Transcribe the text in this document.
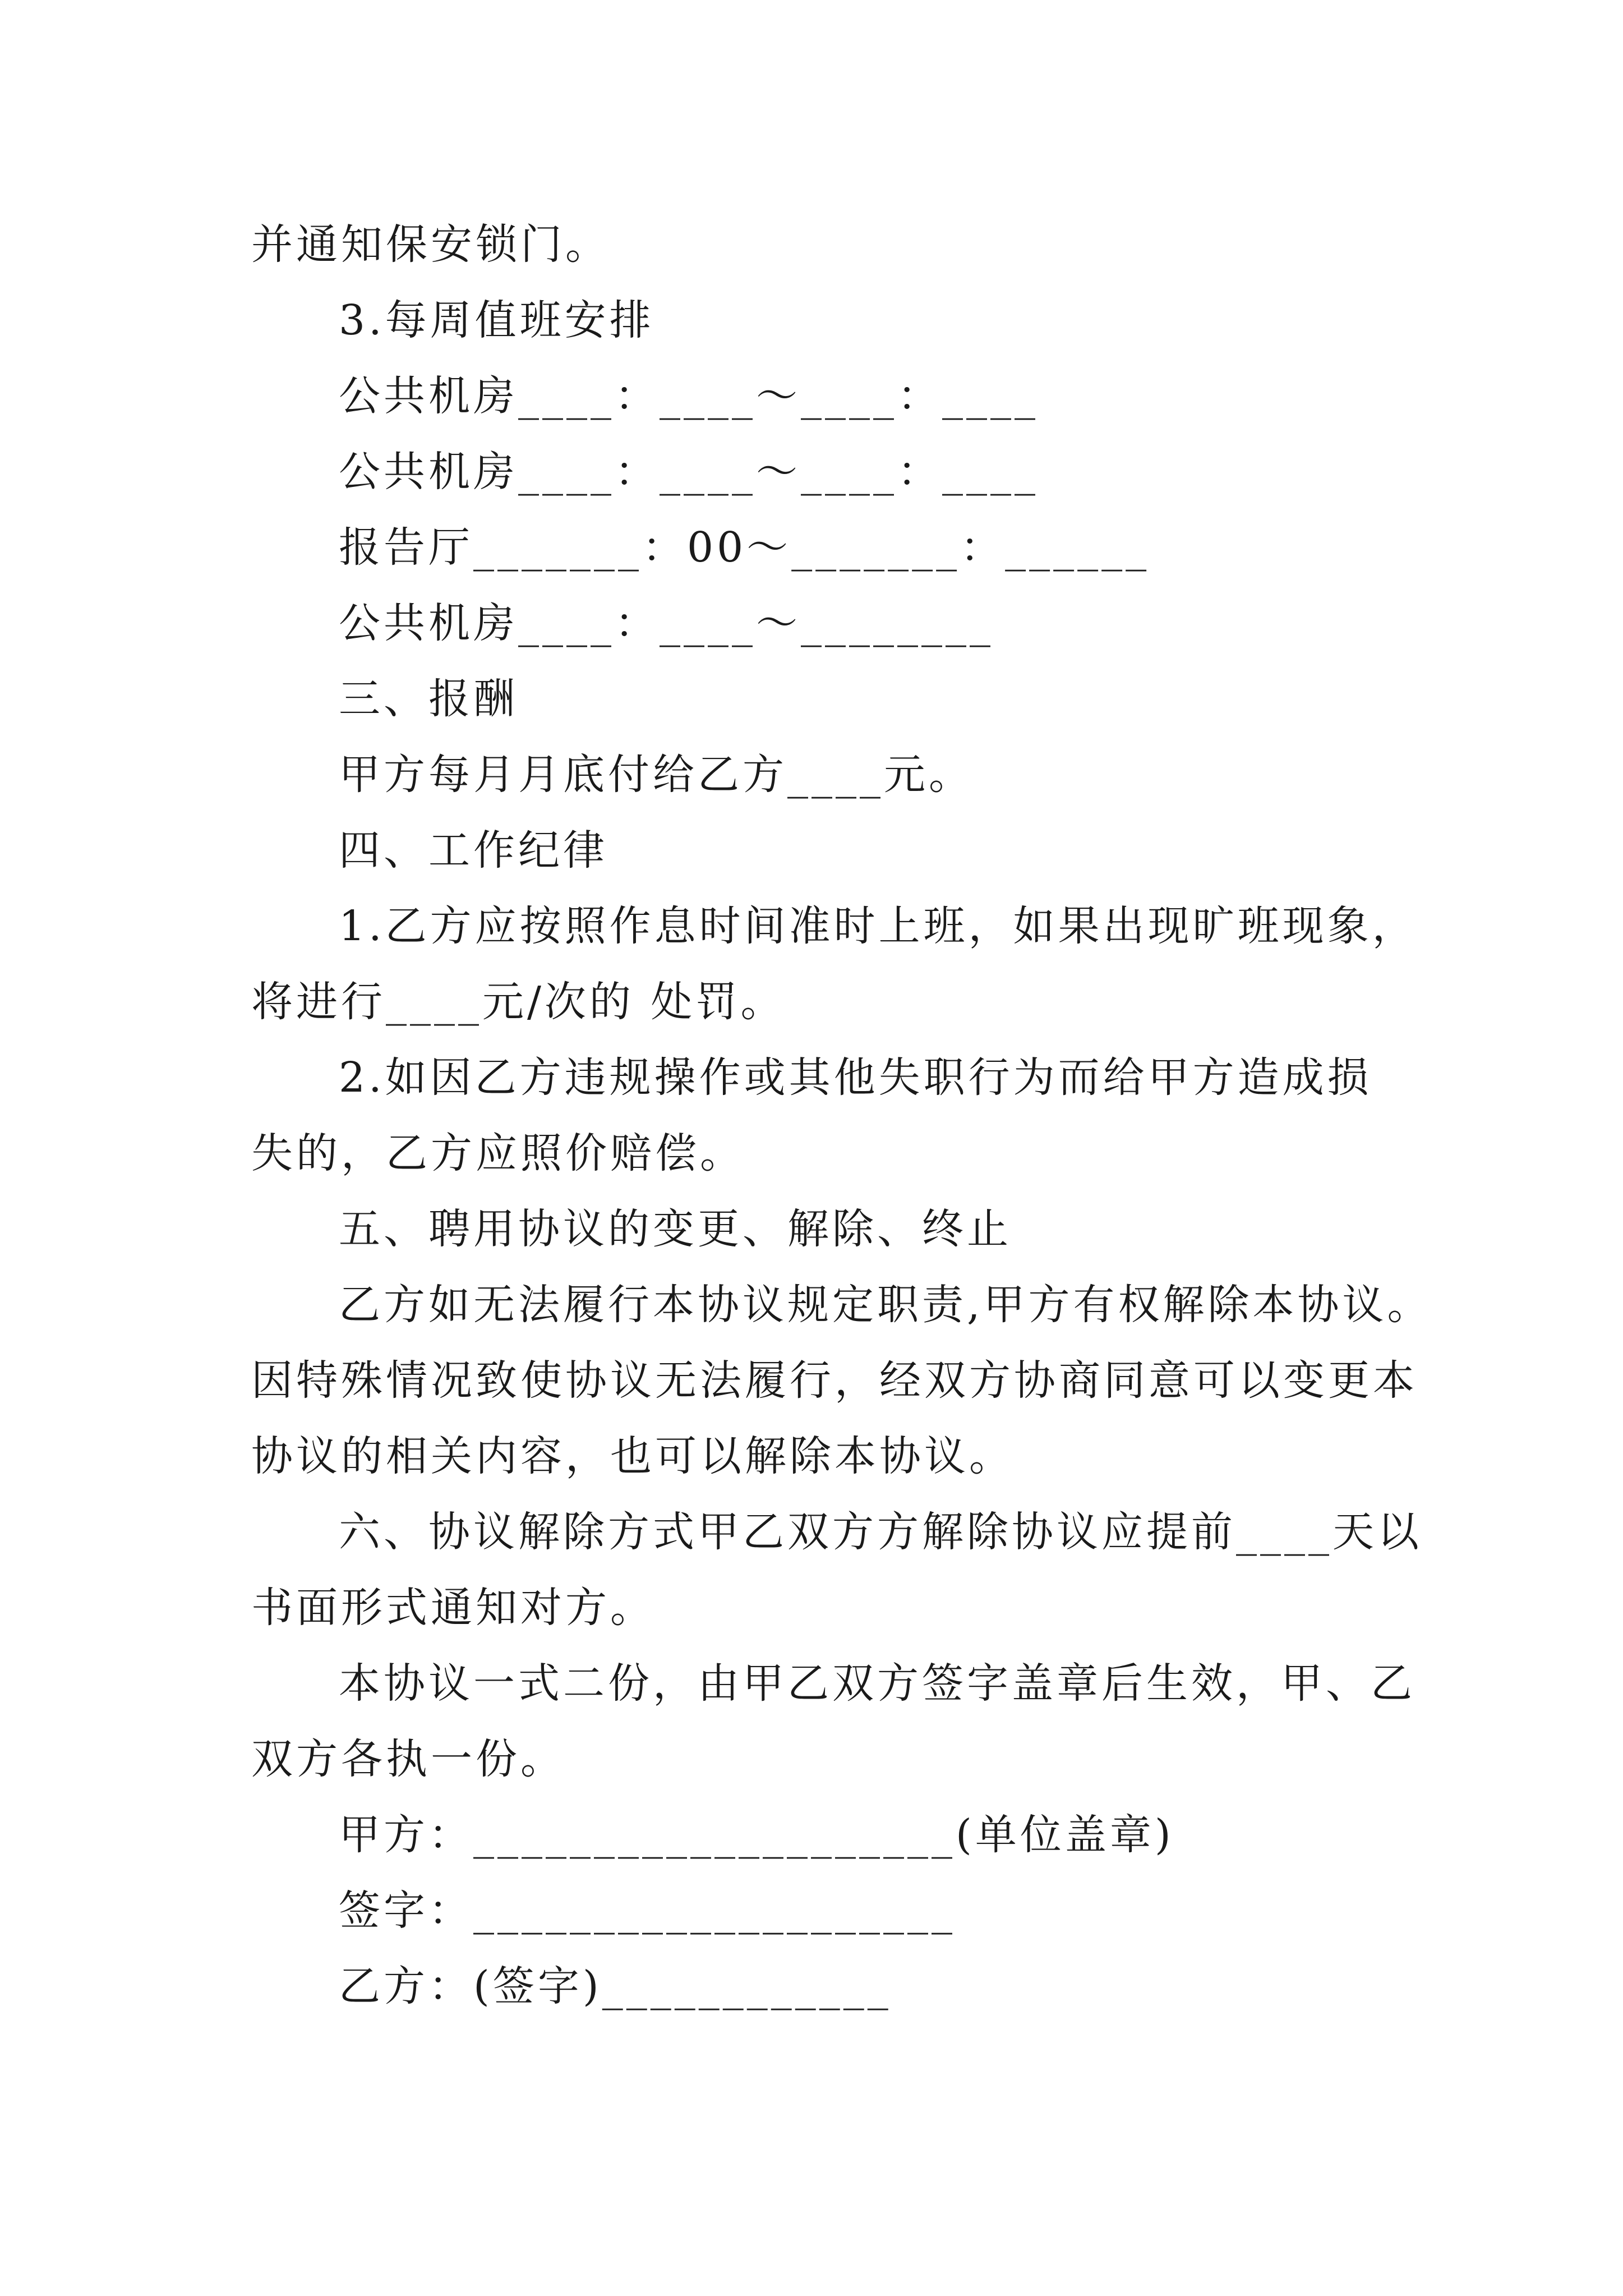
并通知保安锁门。
3.每周值班安排
公共机房____：____～____：____
公共机房____：____～____：____
报告厅_______：00～_______：______
公共机房____：____～________
三、报酬
甲方每月月底付给乙方____元。
四、工作纪律
1.乙方应按照作息时间准时上班，如果出现旷班现象，
将进行____元/次的 处罚。
2.如因乙方违规操作或其他失职行为而给甲方造成损
失的，乙方应照价赔偿。
五、聘用协议的变更、解除、终止
乙方如无法履行本协议规定职责,甲方有权解除本协议。
因特殊情况致使协议无法履行，经双方协商同意可以变更本
协议的相关内容，也可以解除本协议。
六、协议解除方式甲乙双方方解除协议应提前____天以
书面形式通知对方。
本协议一式二份，由甲乙双方签字盖章后生效，甲、乙
双方各执一份。
甲方：____________________(单位盖章)
签字：____________________
乙方：(签字)____________
